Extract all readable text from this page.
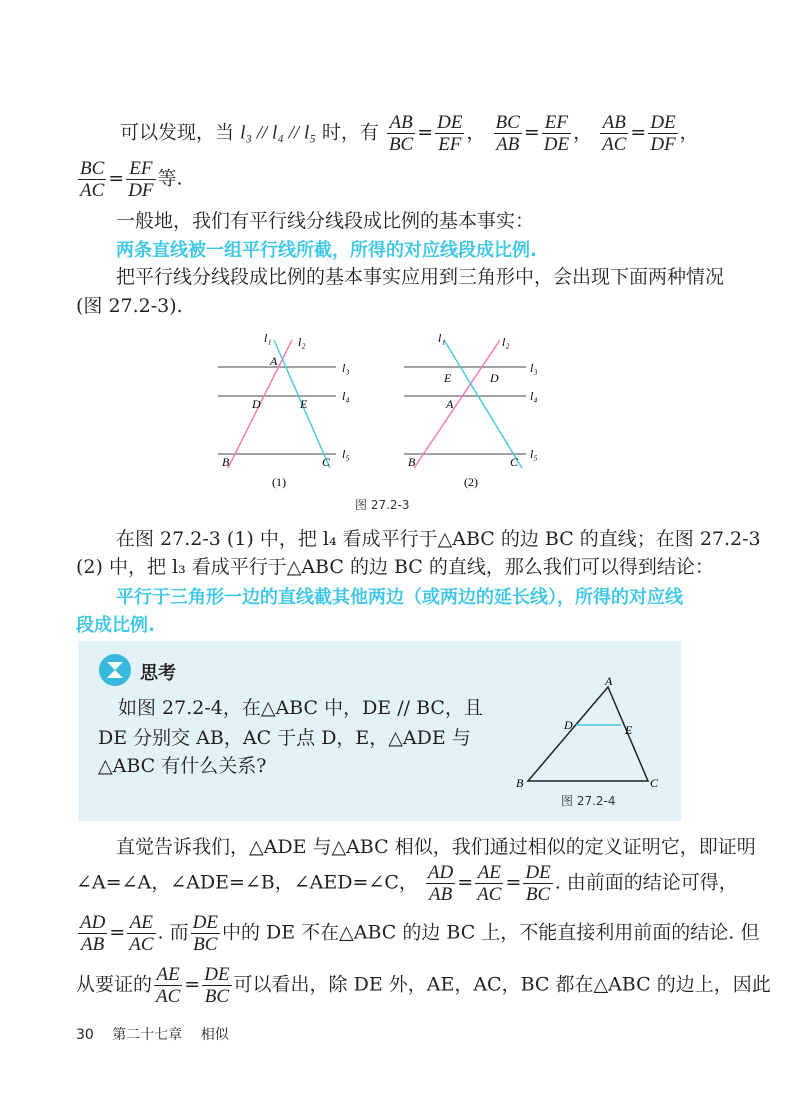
可以发现，当 l₃ // l₄ // l₅ 时，有 $\frac{AB}{BC} = \frac{DE}{EF}$ ， $\frac{BC}{AB} = \frac{EF}{DE}$ ， $\frac{AB}{AC} = \frac{DE}{DF}$ ，
$\frac{BC}{AC} = \frac{EF}{DF}$ 等.
一般地，我们有平行线分线段成比例的基本事实：
两条直线被一组平行线所截，所得的对应线段成比例.
把平行线分线段成比例的基本事实应用到三角形中，会出现下面两种情况
(图 27.2-3).
l₁ l₂
l₃
l₄
l₅
A
D	E
B	C
(1)
l₁	l₂
l₃
l₄
l₅
E	D
A
B	C
(2)
图 27.2-3
在图 27.2-3 (1) 中，把 l₄ 看成平行于△ABC 的边 BC 的直线；在图 27.2-3
(2) 中，把 l₃ 看成平行于△ABC 的边 BC 的直线，那么我们可以得到结论：
平行于三角形一边的直线截其他两边（或两边的延长线），所得的对应线
段成比例.
思考
如图 27.2-4，在△ABC 中，DE // BC，且
DE 分别交 AB，AC 于点 D，E，△ADE 与
△ABC 有什么关系?
A
D	E
B	C
图 27.2-4
直觉告诉我们，△ADE 与△ABC 相似，我们通过相似的定义证明它，即证明
∠A=∠A，∠ADE=∠B，∠AED=∠C， $\frac{AD}{AB} = \frac{AE}{AC} = \frac{DE}{BC}$ . 由前面的结论可得，
$\frac{AD}{AB} = \frac{AE}{AC}$ . 而 $\frac{DE}{BC}$ 中的 DE 不在△ABC 的边 BC 上，不能直接利用前面的结论. 但
从要证的 $\frac{AE}{AC} = \frac{DE}{BC}$ 可以看出，除 DE 外，AE，AC，BC 都在△ABC 的边上，因此
30 第二十七章 相似
